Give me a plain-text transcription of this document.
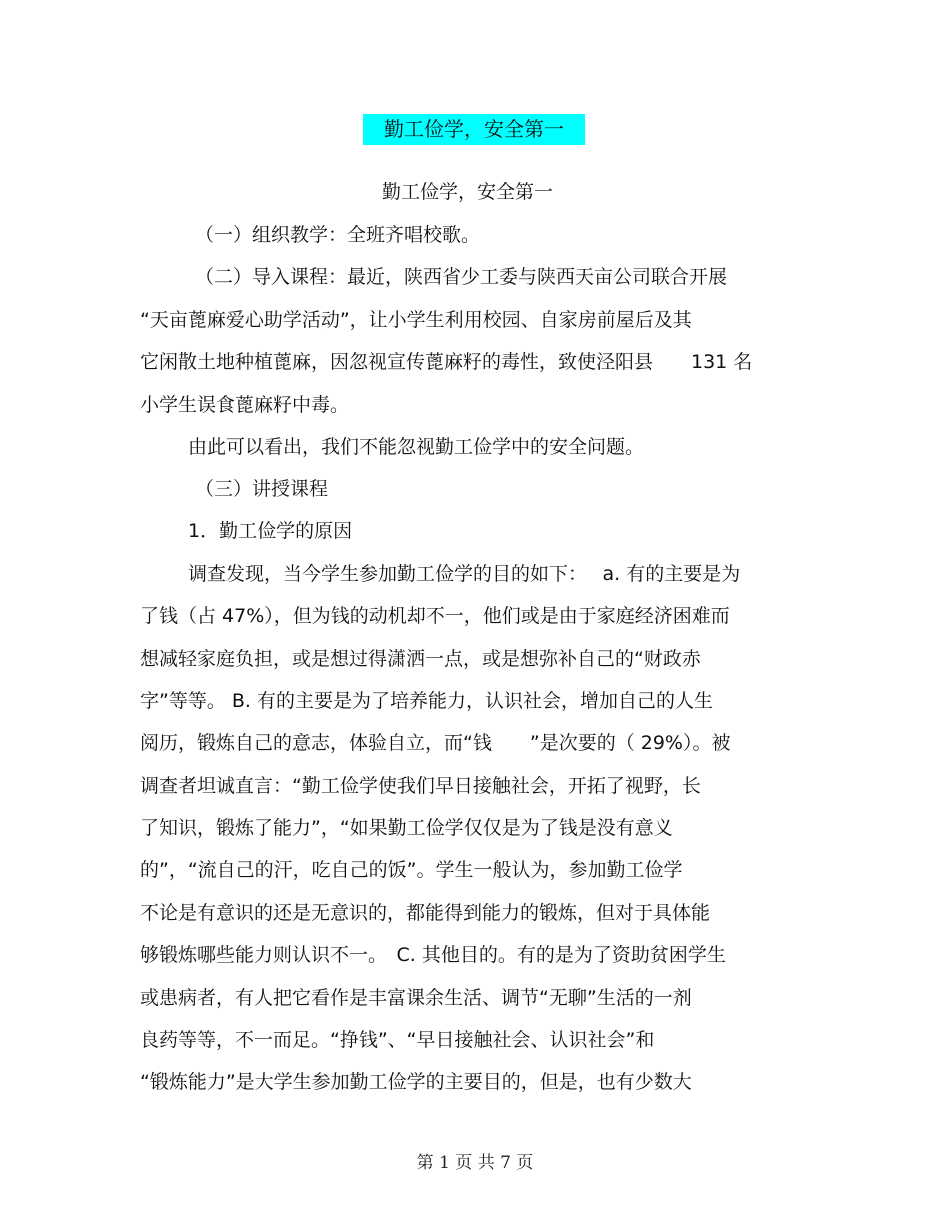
勤工俭学，安全第一
勤工俭学，安全第一
（一）组织教学：全班齐唱校歌。
（二）导入课程：最近，陕西省少工委与陕西天亩公司联合开展
“天亩蓖麻爱心助学活动”，让小学生利用校园、自家房前屋后及其
它闲散土地种植蓖麻，因忽视宣传蓖麻籽的毒性，致使泾阳县　　131 名
小学生误食蓖麻籽中毒。
由此可以看出，我们不能忽视勤工俭学中的安全问题。
（三）讲授课程
1．勤工俭学的原因
调查发现，当今学生参加勤工俭学的目的如下：　 a. 有的主要是为
了钱（占 47%），但为钱的动机却不一，他们或是由于家庭经济困难而
想减轻家庭负担，或是想过得潇洒一点，或是想弥补自己的“财政赤
字”等等。 B. 有的主要是为了培养能力，认识社会，增加自己的人生
阅历，锻炼自己的意志，体验自立，而“钱　　”是次要的（ 29%）。被
调查者坦诚直言：“勤工俭学使我们早日接触社会，开拓了视野，长
了知识，锻炼了能力”，“如果勤工俭学仅仅是为了钱是没有意义
的”，“流自己的汗，吃自己的饭”。学生一般认为，参加勤工俭学
不论是有意识的还是无意识的，都能得到能力的锻炼，但对于具体能
够锻炼哪些能力则认识不一。　C. 其他目的。有的是为了资助贫困学生
或患病者，有人把它看作是丰富课余生活、调节“无聊”生活的一剂
良药等等，不一而足。“挣钱”、“早日接触社会、认识社会”和
“锻炼能力”是大学生参加勤工俭学的主要目的，但是，也有少数大
第 1 页 共 7 页
